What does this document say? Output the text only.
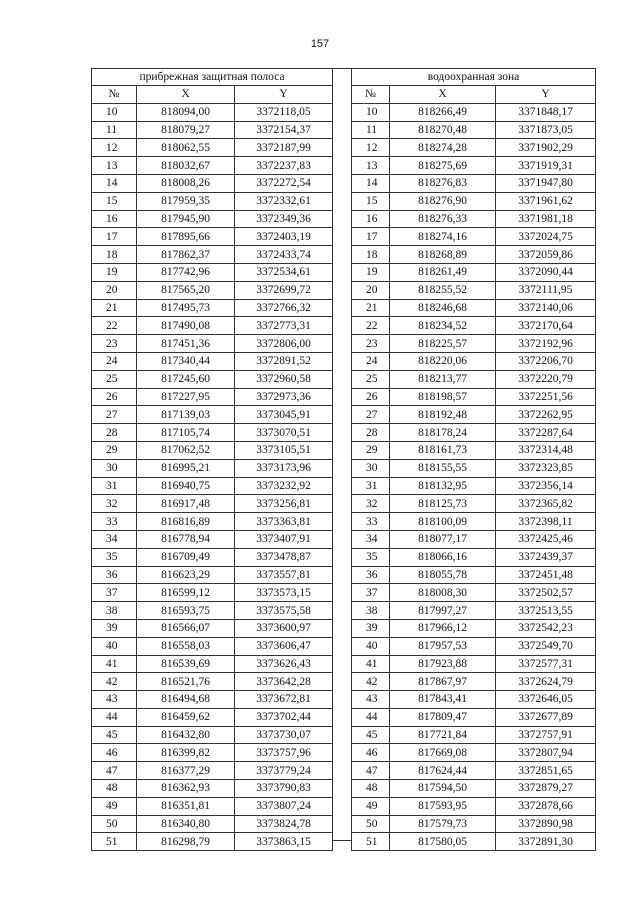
157
прибрежная защитная полоса		
№	X	Y
10	818094,00	3372118,05
11	818079,27	3372154,37
12	818062,55	3372187,99
13	818032,67	3372237,83
14	818008,26	3372272,54
15	817959,35	3372332,61
16	817945,90	3372349,36
17	817895,66	3372403,19
18	817862,37	3372433,74
19	817742,96	3372534,61
20	817565,20	3372699,72
21	817495,73	3372766,32
22	817490,08	3372773,31
23	817451,36	3372806,00
24	817340,44	3372891,52
25	817245,60	3372960,58
26	817227,95	3372973,36
27	817139,03	3373045,91
28	817105,74	3373070,51
29	817062,52	3373105,51
30	816995,21	3373173,96
31	816940,75	3373232,92
32	816917,48	3373256,81
33	816816,89	3373363,81
34	816778,94	3373407,91
35	816709,49	3373478,87
36	816623,29	3373557,81
37	816599,12	3373573,15
38	816593,75	3373575,58
39	816566,07	3373600,97
40	816558,03	3373606,47
41	816539,69	3373626,43
42	816521,76	3373642,28
43	816494,68	3373672,81
44	816459,62	3373702,44
45	816432,80	3373730,07
46	816399,82	3373757,96
47	816377,29	3373779,24
48	816362,93	3373790,83
49	816351,81	3373807,24
50	816340,80	3373824,78
51	816298,79	3373863,15
водоохранная зона		
№	X	Y
10	818266,49	3371848,17
11	818270,48	3371873,05
12	818274,28	3371902,29
13	818275,69	3371919,31
14	818276,83	3371947,80
15	818276,90	3371961,62
16	818276,33	3371981,18
17	818274,16	3372024,75
18	818268,89	3372059,86
19	818261,49	3372090,44
20	818255,52	3372111,95
21	818246,68	3372140,06
22	818234,52	3372170,64
23	818225,57	3372192,96
24	818220,06	3372206,70
25	818213,77	3372220,79
26	818198,57	3372251,56
27	818192,48	3372262,95
28	818178,24	3372287,64
29	818161,73	3372314,48
30	818155,55	3372323,85
31	818132,95	3372356,14
32	818125,73	3372365,82
33	818100,09	3372398,11
34	818077,17	3372425,46
35	818066,16	3372439,37
36	818055,78	3372451,48
37	818008,30	3372502,57
38	817997,27	3372513,55
39	817966,12	3372542,23
40	817957,53	3372549,70
41	817923,88	3372577,31
42	817867,97	3372624,79
43	817843,41	3372646,05
44	817809,47	3372677,89
45	817721,84	3372757,91
46	817669,08	3372807,94
47	817624,44	3372851,65
48	817594,50	3372879,27
49	817593,95	3372878,66
50	817579,73	3372890,98
51	817580,05	3372891,30
